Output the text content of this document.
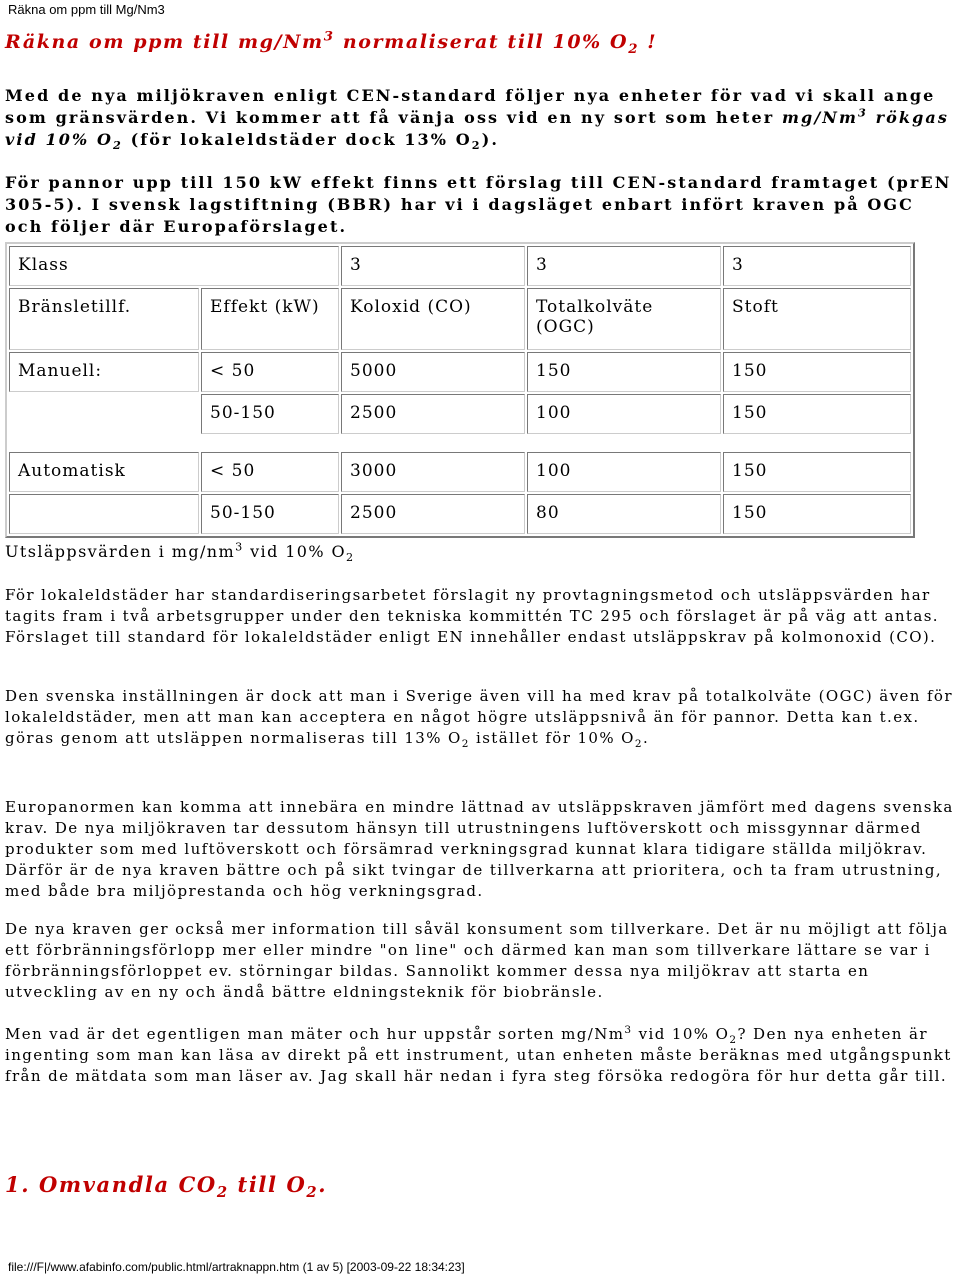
Räkna om ppm till Mg/Nm3
Räkna om ppm till mg/Nm$^3$ normaliserat till 10% $O_2$ !
Med de nya miljökraven enligt CEN-standard följer nya enheter för vad vi skall ange som gränsvärden. Vi kommer att få vänja oss vid en ny sort som heter mg/Nm$^3$ rökgas vid 10% $O_2$ (för lokaleldstäder dock 13% $O_2$).
För pannor upp till 150 kW effekt finns ett förslag till CEN-standard framtaget (prEN 305-5). I svensk lagstiftning (BBR) har vi i dagsläget enbart infört kraven på OGC och följer där Europaförslaget.
Klass		3	3	3
Bränsletillf.	Effekt (kW)	Koloxid (CO)	Totalkolväte (OGC)	Stoft
Manuell:	< 50	5000	150	150
	50-150	2500	100	150

Automatisk	< 50	3000	100	150
	50-150	2500	80	150
Utsläppsvärden i $mg/nm^3$ vid 10% $O_2$
För lokaleldstäder har standardiseringsarbetet förslagit ny provtagningsmetod och utsläppsvärden har tagits fram i två arbetsgrupper under den tekniska kommittén TC 295 och förslaget är på väg att antas. Förslaget till standard för lokaleldstäder enligt EN innehåller endast utsläppskrav på kolmonoxid (CO).
Den svenska inställningen är dock att man i Sverige även vill ha med krav på totalkolväte (OGC) även för lokaleldstäder, men att man kan acceptera en något högre utsläppsnivå än för pannor. Detta kan t.ex. göras genom att utsläppen normaliseras till 13% $O_2$ istället för 10% $O_2$.
Europanormen kan komma att innebära en mindre lättnad av utsläppskraven jämfört med dagens svenska krav. De nya miljökraven tar dessutom hänsyn till utrustningens luftöverskott och missgynnar därmed produkter som med luftöverskott och försämrad verkningsgrad kunnat klara tidigare ställda miljökrav. Därför är de nya kraven bättre och på sikt tvingar de tillverkarna att prioritera, och ta fram utrustning, med både bra miljöprestanda och hög verkningsgrad.
De nya kraven ger också mer information till såväl konsument som tillverkare. Det är nu möjligt att följa ett förbränningsförlopp mer eller mindre "on line" och därmed kan man som tillverkare lättare se var i förbränningsförloppet ev. störningar bildas. Sannolikt kommer dessa nya miljökrav att starta en utveckling av en ny och ändå bättre eldningsteknik för biobränsle.
Men vad är det egentligen man mäter och hur uppstår sorten mg/Nm$^3$ vid 10% $O_2$? Den nya enheten är ingenting som man kan läsa av direkt på ett instrument, utan enheten måste beräknas med utgångspunkt från de mätdata som man läser av. Jag skall här nedan i fyra steg försöka redogöra för hur detta går till.
1. Omvandla $CO_2$ till $O_2$.
file:///F|/www.afabinfo.com/public.html/artraknappn.htm (1 av 5) [2003-09-22 18:34:23]
